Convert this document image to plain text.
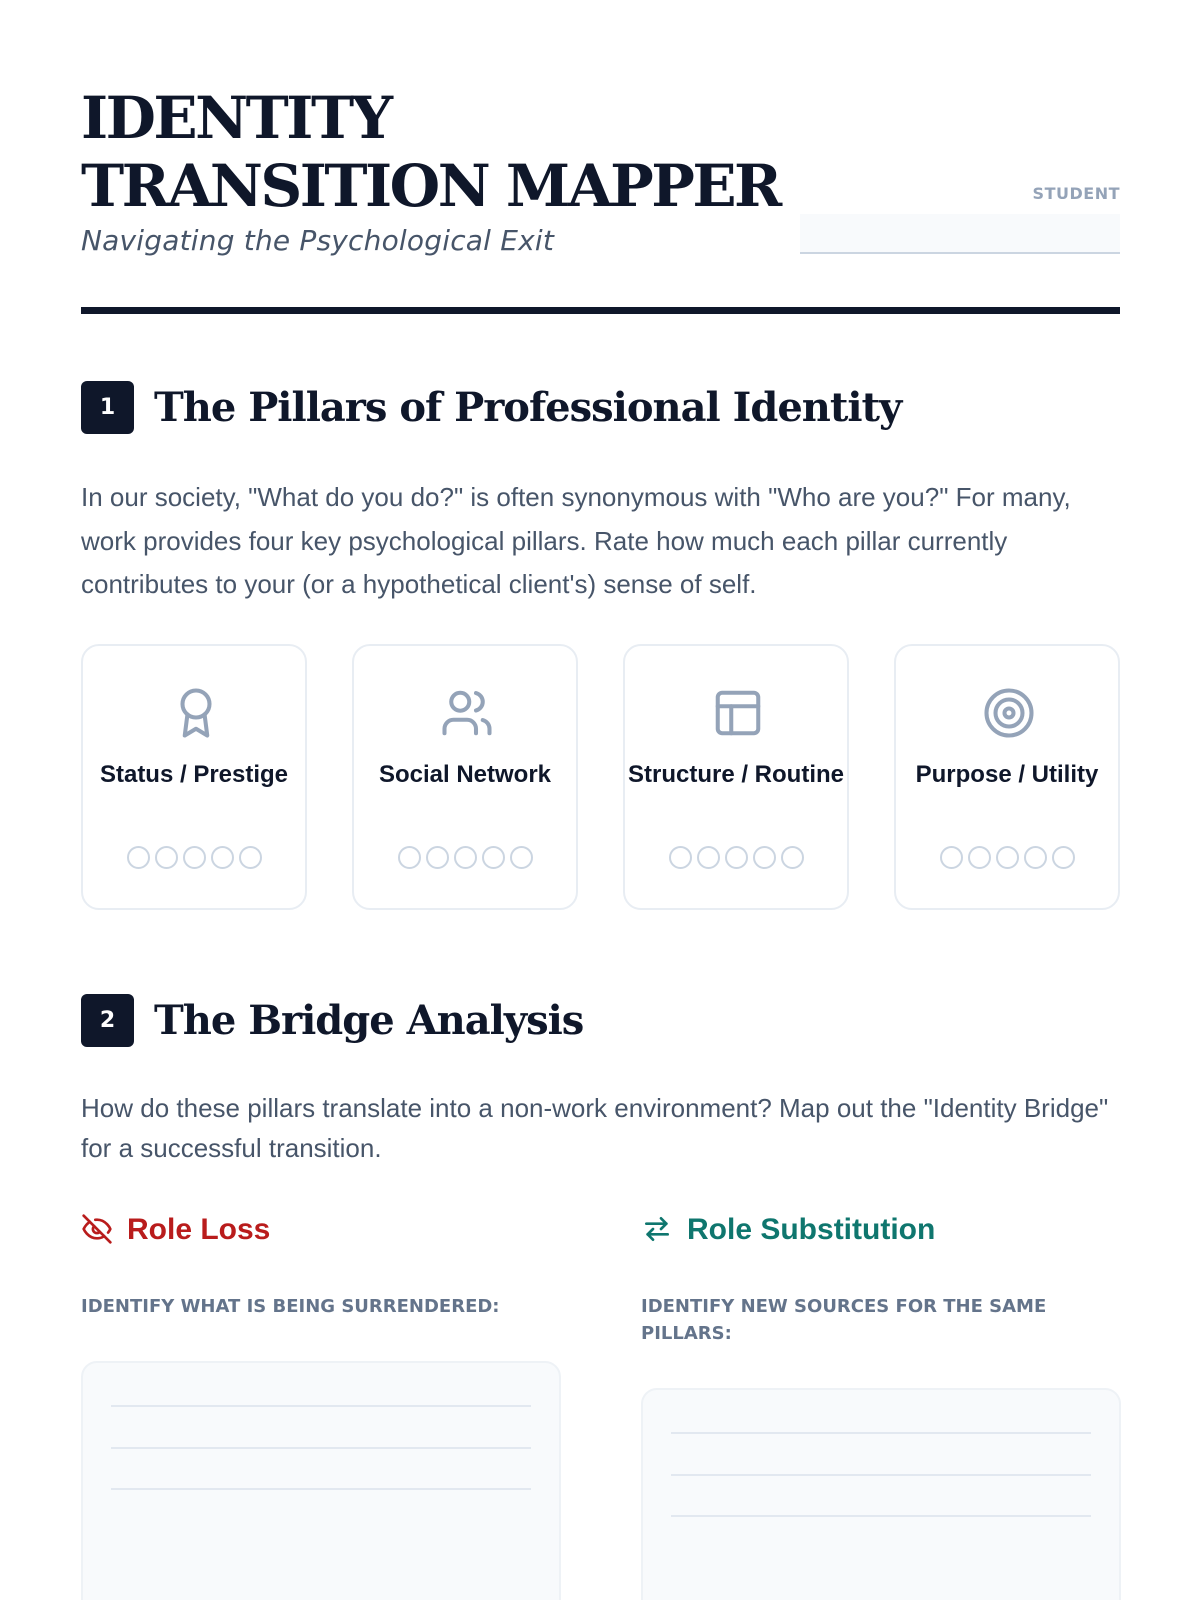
IDENTITY TRANSITION MAPPER

Navigating the Psychological Exit

STUDENT
1 The Pillars of Professional Identity

In our society, "What do you do?" is often synonymous with "Who are you?" For many, work provides four key psychological pillars. Rate how much each pillar currently contributes to your (or a hypothetical client's) sense of self.

Status / Prestige	Social Network	Structure / Routine	Purpose / Utility
2 The Bridge Analysis

How do these pillars translate into a non-work environment? Map out the "Identity Bridge" for a successful transition.

Role Loss

IDENTIFY WHAT IS BEING SURRENDERED:

Role Substitution

IDENTIFY NEW SOURCES FOR THE SAME PILLARS:
